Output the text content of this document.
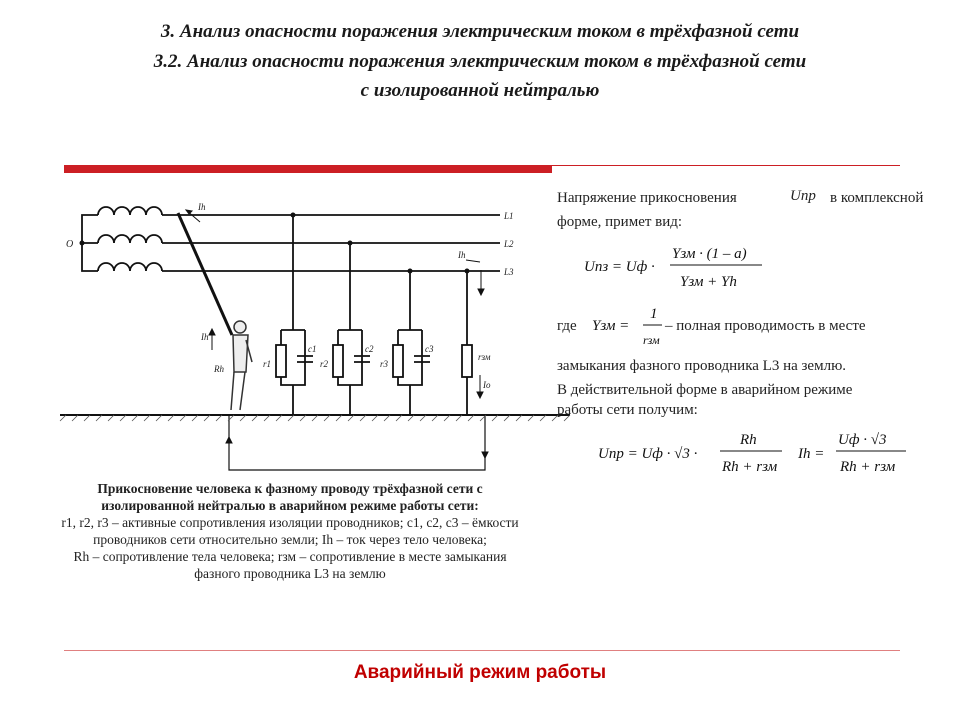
3. Анализ опасности поражения электрическим током в трёхфазной сети
3.2. Анализ опасности поражения электрическим током в трёхфазной сети
с изолированной нейтралью
O
L1
L2
L3
Ih
Ih
Ih
Io
Rh	r1	r2	r3
rзм
c1	c2	c3
Прикосновение человека к фазному проводу трёхфазной сети с
изолированной нейтралью в аварийном режиме работы сети:
r1, r2, r3 – активные сопротивления изоляции проводников; c1, c2, c3 – ёмкости
проводников сети относительно земли; Ih – ток через тело человека;
Rh – сопротивление тела человека; rзм – сопротивление в месте замыкания
фазного проводника L3 на землю
Напряжение прикосновения	Uпр в комплексной
форме, примет вид:
где	– полная проводимость в месте
замыкания фазного проводника L3 на землю.
В действительной форме в аварийном режиме
работы сети получим:
Uпз = Uф ·
Yзм · (1 – a)
Yзм + Yh
Yзм =
1
rзм
Uпр = Uф · √3 ·
Rh
Rh + rзм
Ih =
Uф · √3
Rh + rзм
Аварийный режим работы
